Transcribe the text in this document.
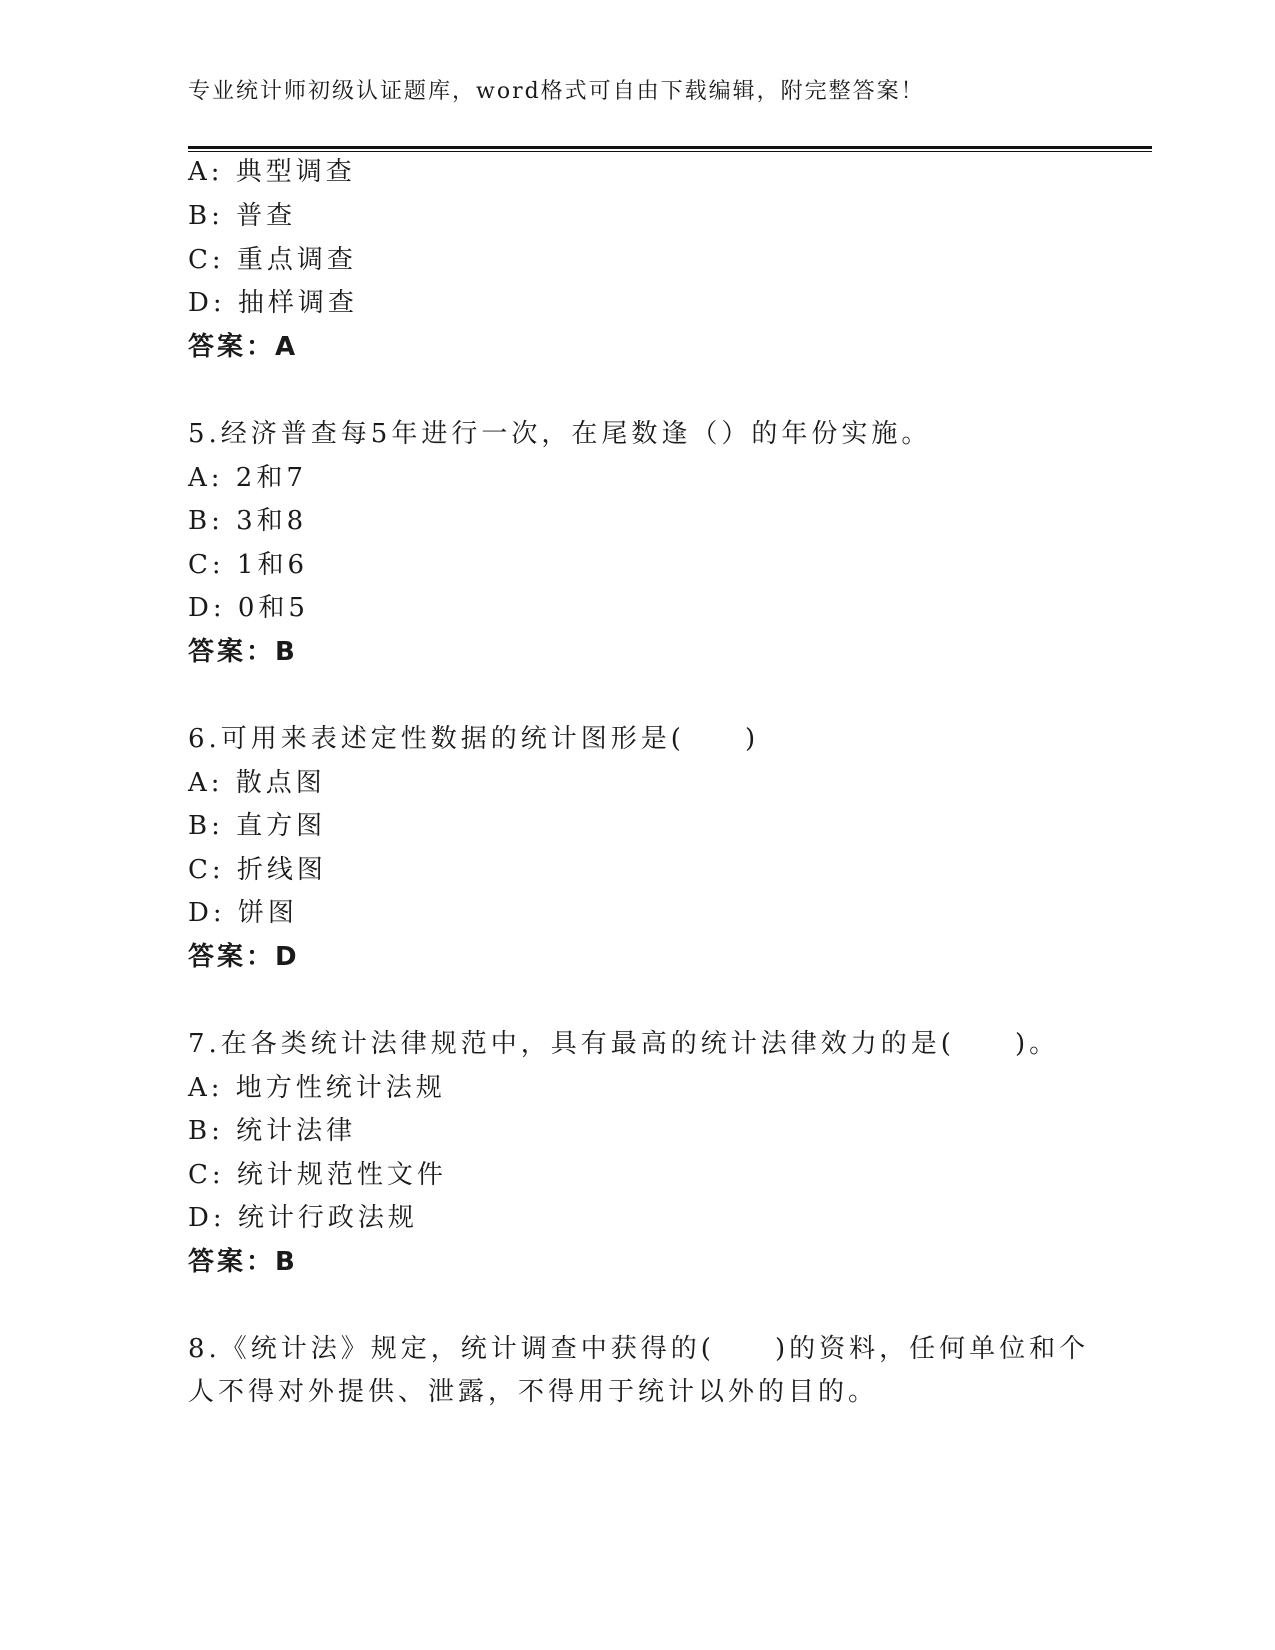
专业统计师初级认证题库，word格式可自由下载编辑，附完整答案！
A: 典型调查
B: 普查
C: 重点调查
D: 抽样调查
答案：A
5.经济普查每5年进行一次，在尾数逢（）的年份实施。
A: 2和7
B: 3和8
C: 1和6
D: 0和5
答案：B
6.可用来表述定性数据的统计图形是(　　)
A: 散点图
B: 直方图
C: 折线图
D: 饼图
答案：D
7.在各类统计法律规范中，具有最高的统计法律效力的是(　　)。
A: 地方性统计法规
B: 统计法律
C: 统计规范性文件
D: 统计行政法规
答案：B
8.《统计法》规定，统计调查中获得的(　　)的资料，任何单位和个
人不得对外提供、泄露，不得用于统计以外的目的。
